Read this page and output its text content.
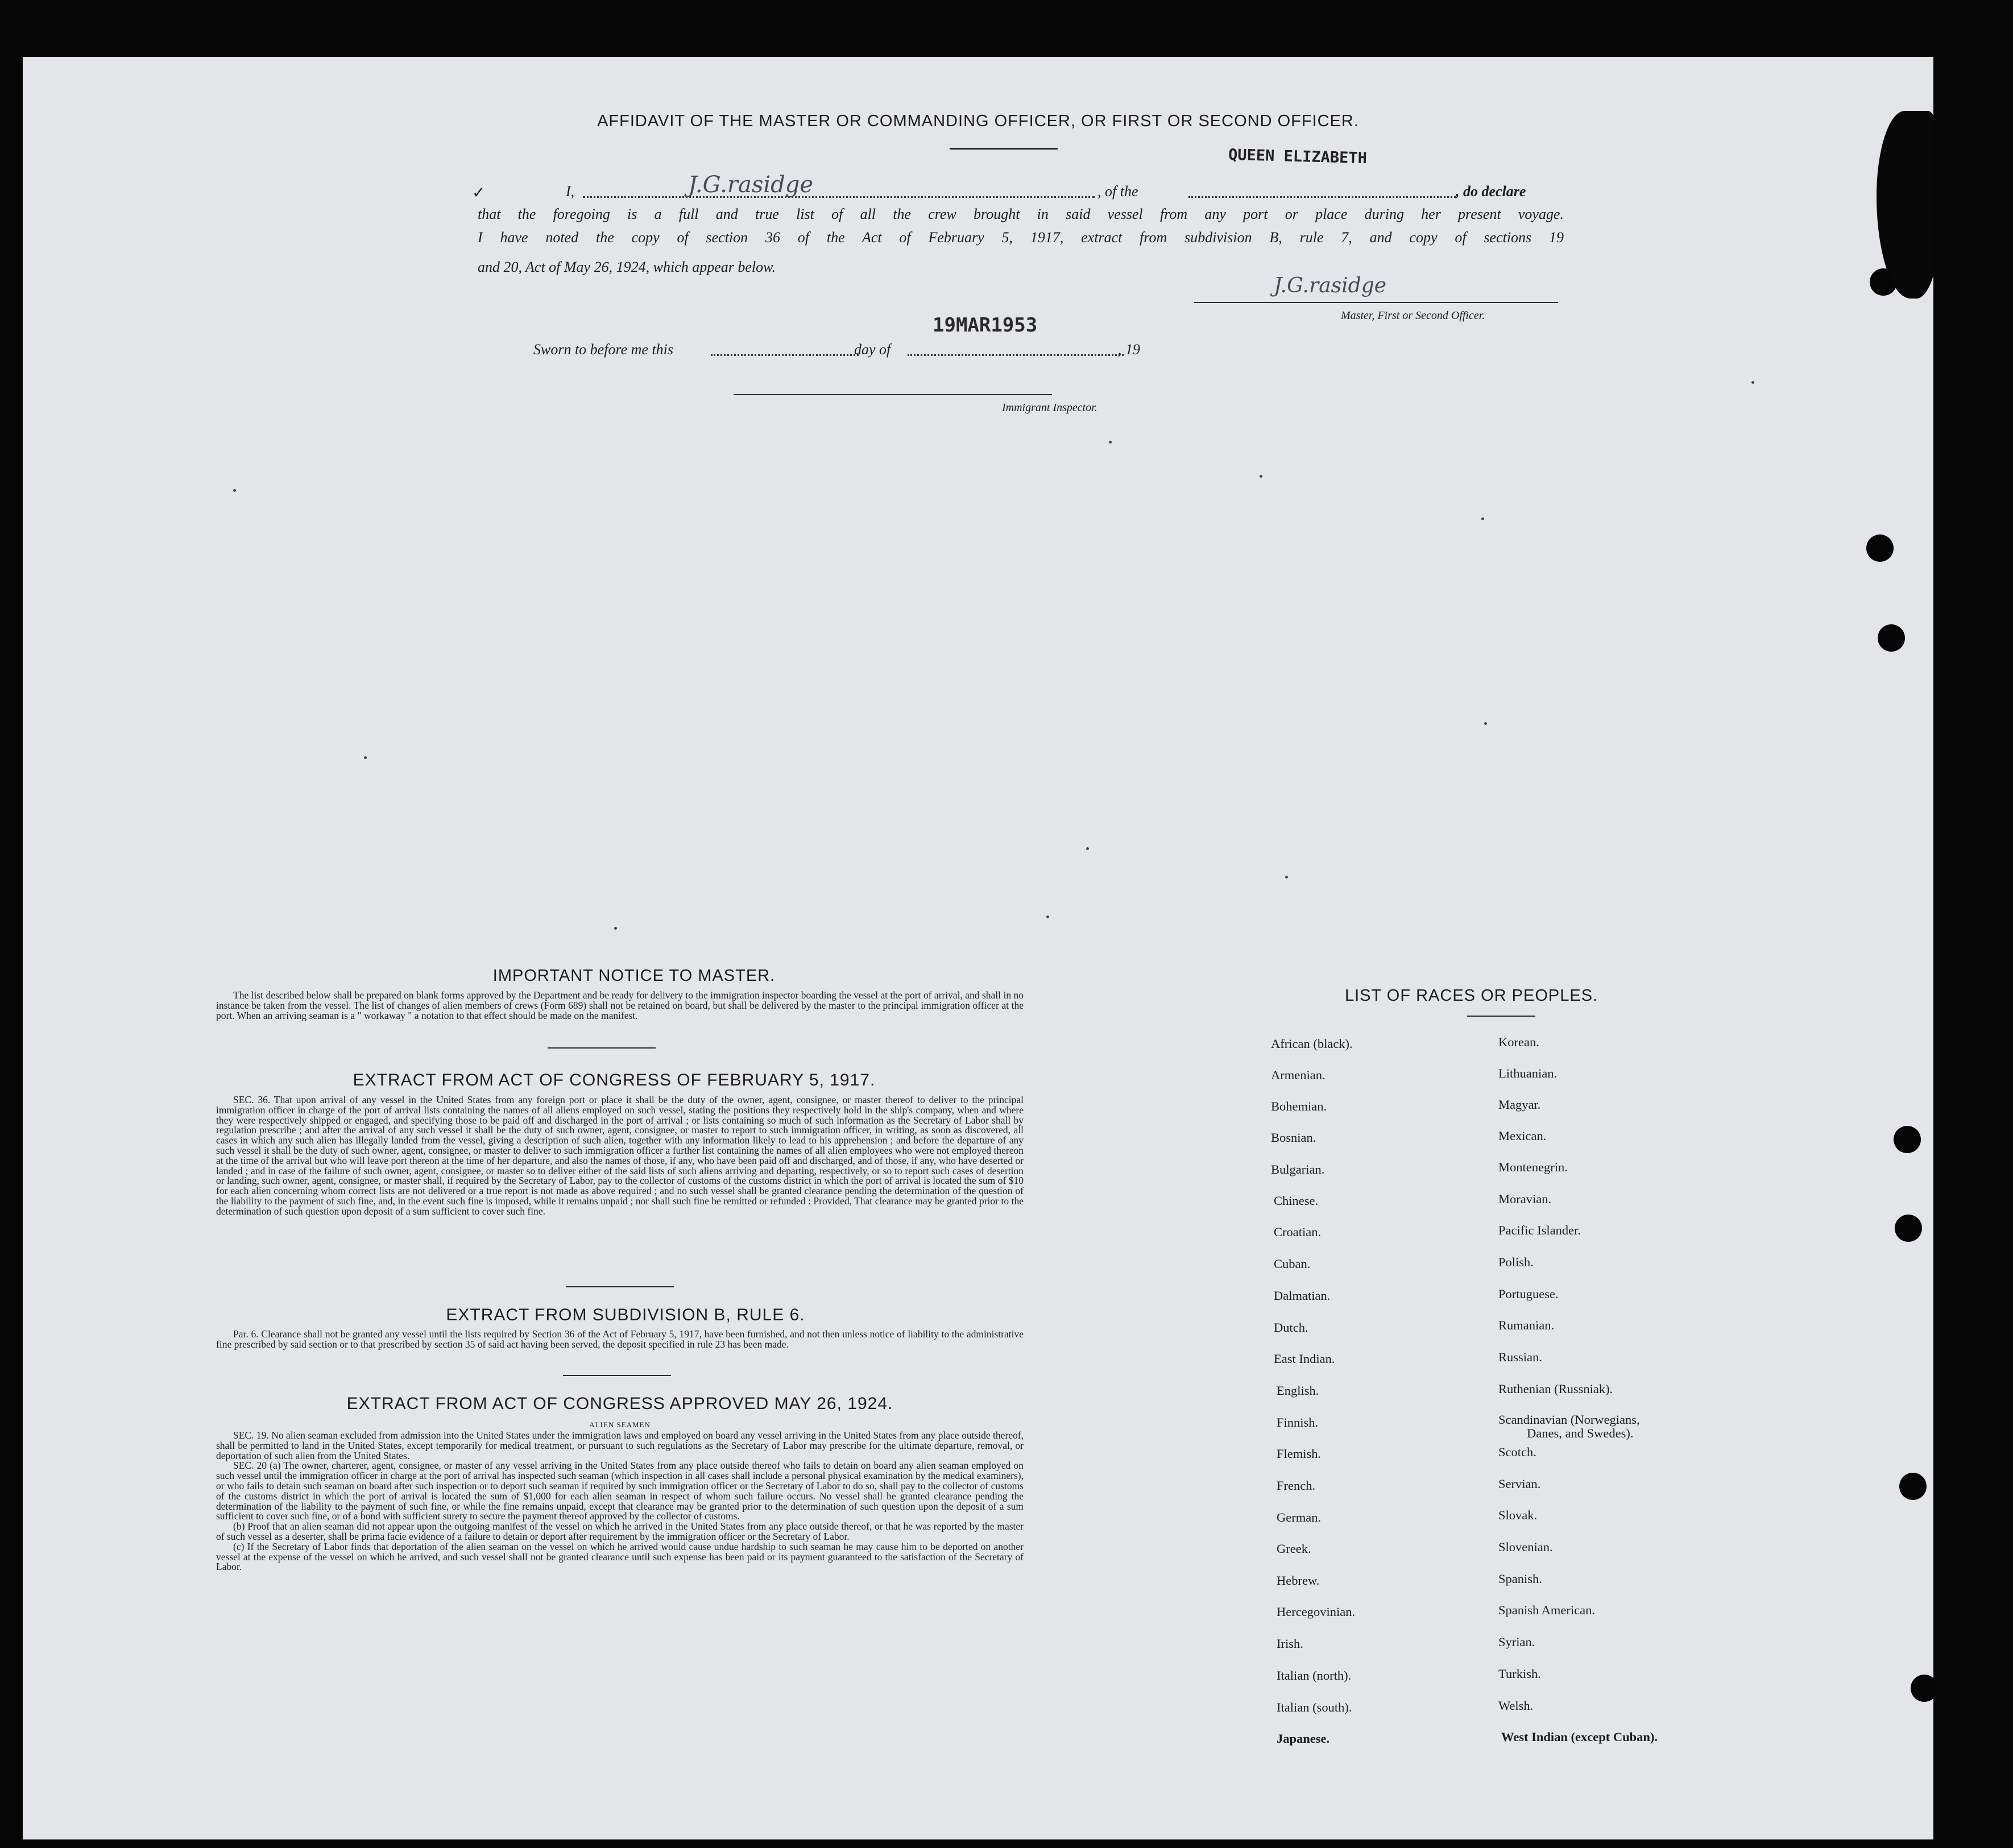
AFFIDAVIT OF THE MASTER OR COMMANDING OFFICER, OR FIRST OR SECOND OFFICER.
✓	I,	J.G.rasidge	, of the
QUEEN ELIZABETH
, do declare
that the foregoing is a full and true list of all the crew brought in said vessel from any port or place during her present voyage.
I have noted the copy of section 36 of the Act of February 5, 1917, extract from subdivision B, rule 7, and copy of sections 19
and 20, Act of May 26, 1924, which appear below.
J.G.rasidge
Master, First or Second Officer.
Sworn to before me this	day of
19MAR1953
, 19
Immigrant Inspector.
IMPORTANT NOTICE TO MASTER.

The list described below shall be prepared on blank forms approved by the Department and be ready for delivery to the immigration inspector boarding the vessel at the port of arrival, and shall in no instance be taken from the vessel. The list of changes of alien members of crews (Form 689) shall not be retained on board, but shall be delivered by the master to the principal immigration officer at the port. When an arriving seaman is a " workaway " a notation to that effect should be made on the manifest.

EXTRACT FROM ACT OF CONGRESS OF FEBRUARY 5, 1917.

SEC. 36. That upon arrival of any vessel in the United States from any foreign port or place it shall be the duty of the owner, agent, consignee, or master thereof to deliver to the principal immigration officer in charge of the port of arrival lists containing the names of all aliens employed on such vessel, stating the positions they respectively hold in the ship's company, when and where they were respectively shipped or engaged, and specifying those to be paid off and discharged in the port of arrival ; or lists containing so much of such information as the Secretary of Labor shall by regulation prescribe ; and after the arrival of any such vessel it shall be the duty of such owner, agent, consignee, or master to report to such immigration officer, in writing, as soon as discovered, all cases in which any such alien has illegally landed from the vessel, giving a description of such alien, together with any information likely to lead to his apprehension ; and before the departure of any such vessel it shall be the duty of such owner, agent, consignee, or master to deliver to such immigration officer a further list containing the names of all alien employees who were not employed thereon at the time of the arrival but who will leave port thereon at the time of her departure, and also the names of those, if any, who have been paid off and discharged, and of those, if any, who have deserted or landed ; and in case of the failure of such owner, agent, consignee, or master so to deliver either of the said lists of such aliens arriving and departing, respectively, or so to report such cases of desertion or landing, such owner, agent, consignee, or master shall, if required by the Secretary of Labor, pay to the collector of customs of the customs district in which the port of arrival is located the sum of $10 for each alien concerning whom correct lists are not delivered or a true report is not made as above required ; and no such vessel shall be granted clearance pending the determination of the question of the liability to the payment of such fine, and, in the event such fine is imposed, while it remains unpaid ; nor shall such fine be remitted or refunded : Provided, That clearance may be granted prior to the determination of such question upon deposit of a sum sufficient to cover such fine.

EXTRACT FROM SUBDIVISION B, RULE 6.

Par. 6. Clearance shall not be granted any vessel until the lists required by Section 36 of the Act of February 5, 1917, have been furnished, and not then unless notice of liability to the administrative fine prescribed by said section or to that prescribed by section 35 of said act having been served, the deposit specified in rule 23 has been made.

EXTRACT FROM ACT OF CONGRESS APPROVED MAY 26, 1924.
ALIEN SEAMEN

SEC. 19. No alien seaman excluded from admission into the United States under the immigration laws and employed on board any vessel arriving in the United States from any place outside thereof, shall be permitted to land in the United States, except temporarily for medical treatment, or pursuant to such regulations as the Secretary of Labor may prescribe for the ultimate departure, removal, or deportation of such alien from the United States.

SEC. 20 (a) The owner, charterer, agent, consignee, or master of any vessel arriving in the United States from any place outside thereof who fails to detain on board any alien seaman employed on such vessel until the immigration officer in charge at the port of arrival has inspected such seaman (which inspection in all cases shall include a personal physical examination by the medical examiners), or who fails to detain such seaman on board after such inspection or to deport such seaman if required by such immigration officer or the Secretary of Labor to do so, shall pay to the collector of customs of the customs district in which the port of arrival is located the sum of $1,000 for each alien seaman in respect of whom such failure occurs. No vessel shall be granted clearance pending the determination of the liability to the payment of such fine, or while the fine remains unpaid, except that clearance may be granted prior to the determination of such question upon the deposit of a sum sufficient to cover such fine, or of a bond with sufficient surety to secure the payment thereof approved by the collector of customs.

(b) Proof that an alien seaman did not appear upon the outgoing manifest of the vessel on which he arrived in the United States from any place outside thereof, or that he was reported by the master of such vessel as a deserter, shall be prima facie evidence of a failure to detain or deport after requirement by the immigration officer or the Secretary of Labor.

(c) If the Secretary of Labor finds that deportation of the alien seaman on the vessel on which he arrived would cause undue hardship to such seaman he may cause him to be deported on another vessel at the expense of the vessel on which he arrived, and such vessel shall not be granted clearance until such expense has been paid or its payment guaranteed to the satisfaction of the Secretary of Labor.

LIST OF RACES OR PEOPLES.
African (black).
Armenian.
Bohemian.
Bosnian.
Bulgarian.
Chinese.
Croatian.
Cuban.
Dalmatian.
Dutch.
East Indian.
English.
Finnish.
Flemish.
French.
German.
Greek.
Hebrew.
Hercegovinian.
Irish.
Italian (north).
Italian (south).
Japanese.
Korean.
Lithuanian.
Magyar.
Mexican.
Montenegrin.
Moravian.
Pacific Islander.
Polish.
Portuguese.
Rumanian.
Russian.
Ruthenian (Russniak).
Scandinavian (Norwegians,
Danes, and Swedes).
Scotch.
Servian.
Slovak.
Slovenian.
Spanish.
Spanish American.
Syrian.
Turkish.
Welsh.
West Indian (except Cuban).
